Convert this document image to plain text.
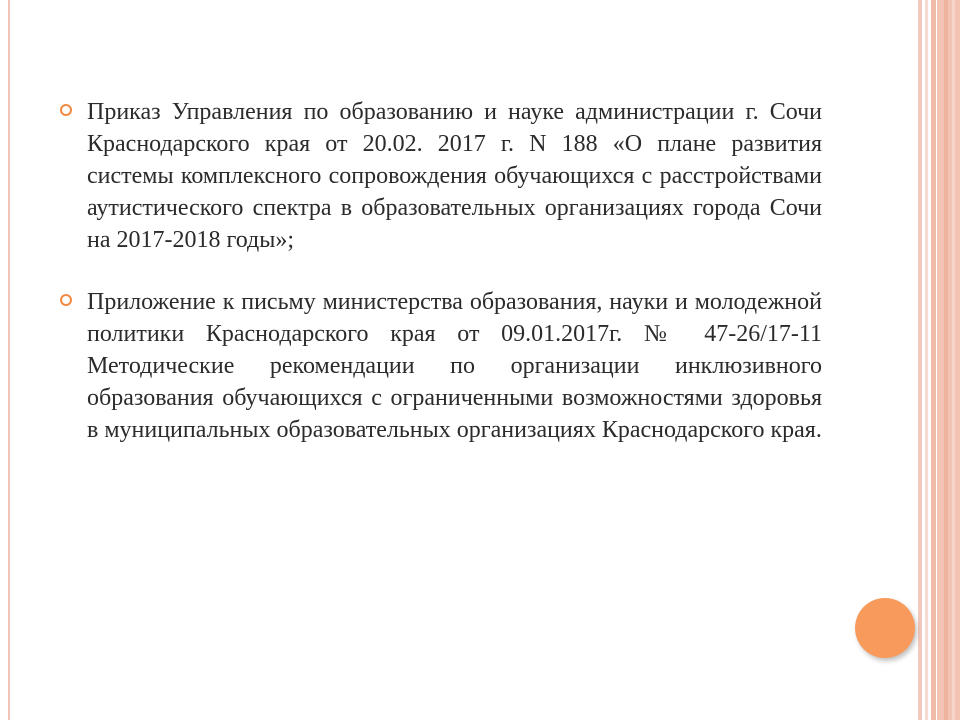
Приказ Управления по образованию и науке администрации г. Сочи Краснодарского края от 20.02. 2017 г. N 188 «О плане развития системы комплексного сопровождения обучающихся с расстройствами аутистического спектра в образовательных организациях города Сочи на 2017-2018 годы»;

Приложение к письму министерства образования, науки и молодежной политики Краснодарского края от 09.01.2017г. № 47-26/17-11 Методические рекомендации по организации инклюзивного образования обучающихся с ограниченными возможностями здоровья в муниципальных образовательных организациях Краснодарского края.
